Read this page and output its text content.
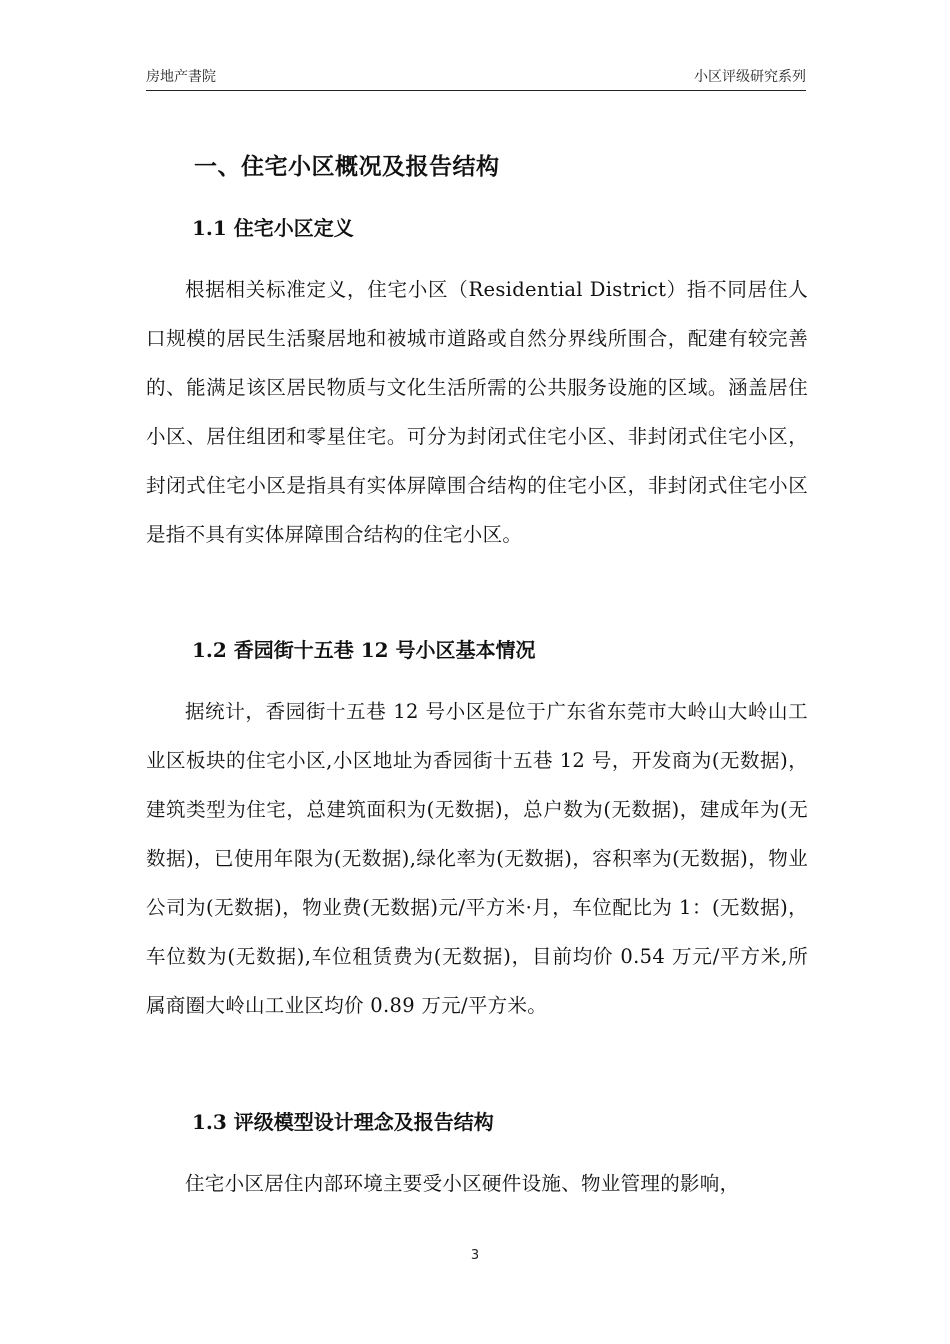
房地产書院	小区评级研究系列
一、住宅小区概况及报告结构
1.1 住宅小区定义

根据相关标准定义，住宅小区（Residential District）指不同居住人口规模的居民生活聚居地和被城市道路或自然分界线所围合，配建有较完善的、能满足该区居民物质与文化生活所需的公共服务设施的区域。涵盖居住小区、居住组团和零星住宅。可分为封闭式住宅小区、非封闭式住宅小区，封闭式住宅小区是指具有实体屏障围合结构的住宅小区，非封闭式住宅小区是指不具有实体屏障围合结构的住宅小区。

1.2 香园街十五巷 12 号小区基本情况

据统计，香园街十五巷 12 号小区是位于广东省东莞市大岭山大岭山工业区板块的住宅小区,小区地址为香园街十五巷 12 号，开发商为(无数据)，建筑类型为住宅，总建筑面积为(无数据)，总户数为(无数据)，建成年为(无数据)，已使用年限为(无数据),绿化率为(无数据)，容积率为(无数据)，物业公司为(无数据)，物业费(无数据)元/平方米·月，车位配比为 1：(无数据)，车位数为(无数据),车位租赁费为(无数据)，目前均价 0.54 万元/平方米,所属商圈大岭山工业区均价 0.89 万元/平方米。

1.3 评级模型设计理念及报告结构

住宅小区居住内部环境主要受小区硬件设施、物业管理的影响，

3
